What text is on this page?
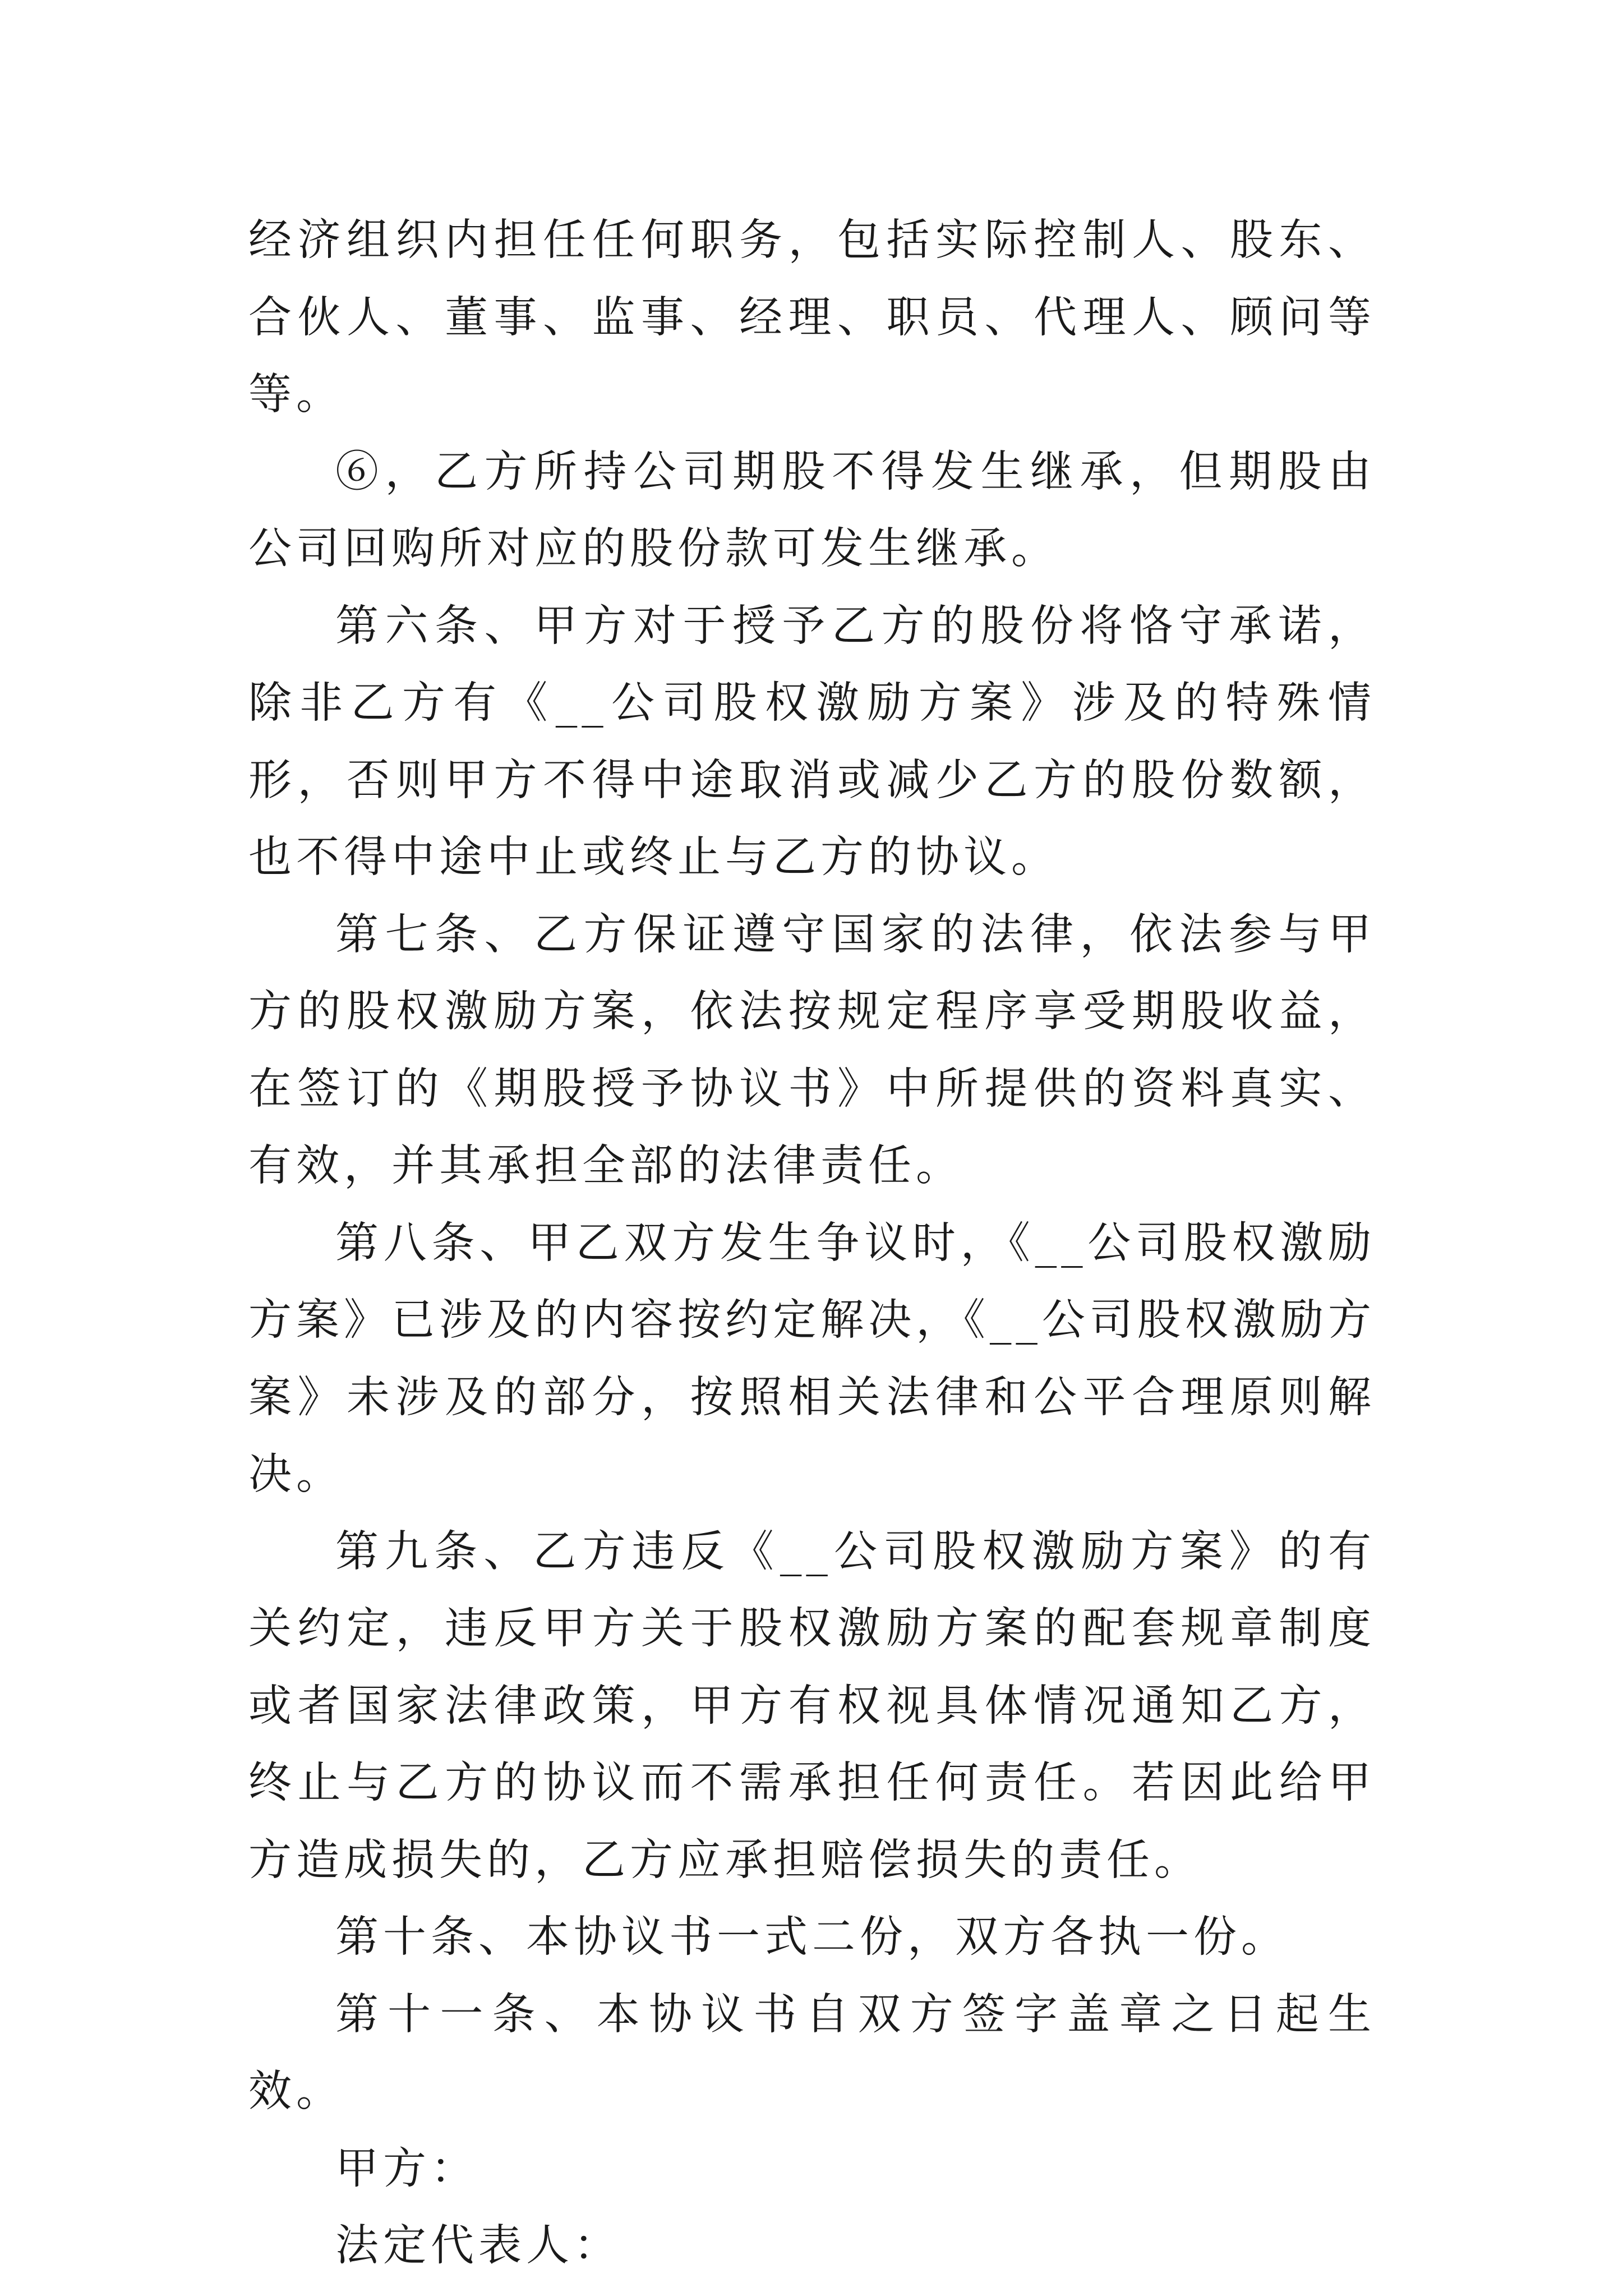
经济组织内担任任何职务，包括实际控制人、股东、合伙人、董事、监事、经理、职员、代理人、顾问等等。

⑥，乙方所持公司期股不得发生继承，但期股由公司回购所对应的股份款可发生继承。

第六条、甲方对于授予乙方的股份将恪守承诺，除非乙方有《__公司股权激励方案》涉及的特殊情形，否则甲方不得中途取消或减少乙方的股份数额，也不得中途中止或终止与乙方的协议。

第七条、乙方保证遵守国家的法律，依法参与甲方的股权激励方案，依法按规定程序享受期股收益，在签订的《期股授予协议书》中所提供的资料真实、有效，并其承担全部的法律责任。

第八条、甲乙双方发生争议时，《__公司股权激励方案》已涉及的内容按约定解决，《__公司股权激励方案》未涉及的部分，按照相关法律和公平合理原则解决。

第九条、乙方违反《__公司股权激励方案》的有关约定，违反甲方关于股权激励方案的配套规章制度或者国家法律政策，甲方有权视具体情况通知乙方，终止与乙方的协议而不需承担任何责任。若因此给甲方造成损失的，乙方应承担赔偿损失的责任。

第十条、本协议书一式二份，双方各执一份。

第十一条、本协议书自双方签字盖章之日起生效。

甲方：

法定代表人：
